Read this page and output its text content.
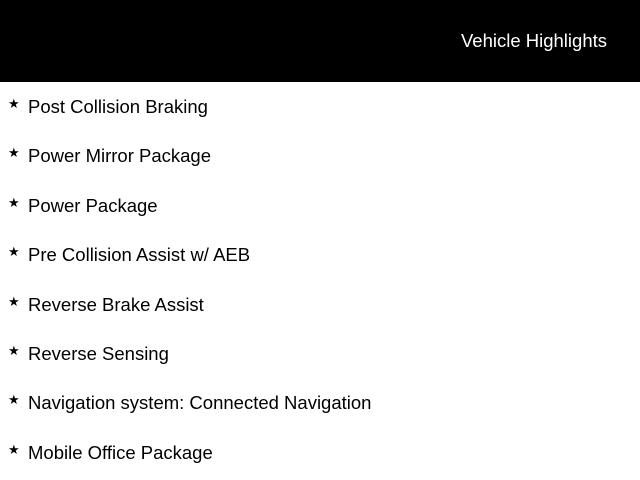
Vehicle Highlights
★ Post Collision Braking
★ Power Mirror Package
★ Power Package
★ Pre Collision Assist w/ AEB
★ Reverse Brake Assist
★ Reverse Sensing
★ Navigation system: Connected Navigation
★ Mobile Office Package
